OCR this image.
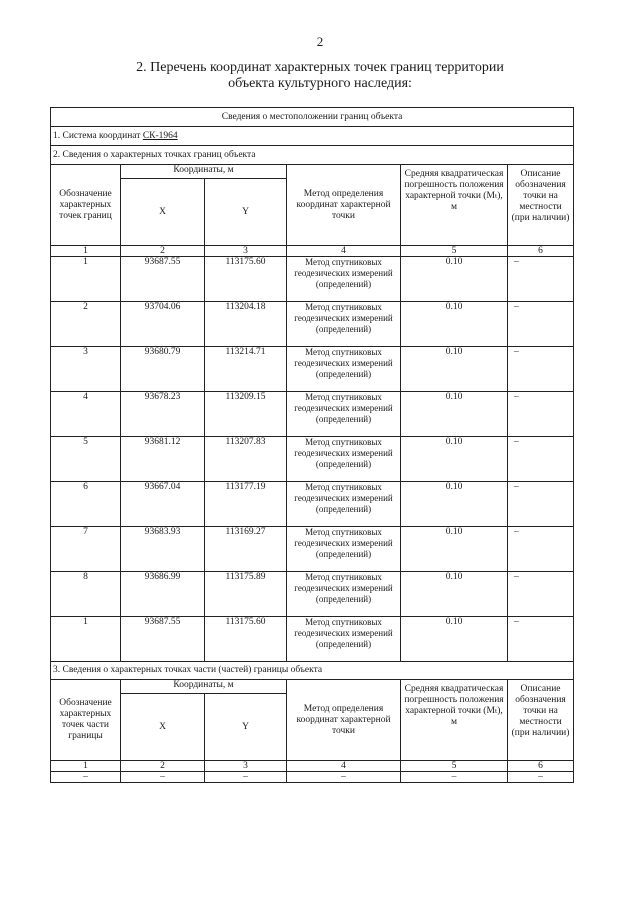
2
2. Перечень координат характерных точек границ территории
объекта культурного наследия:
Сведения о местоположении границ объекта					
1. Система координат СК-1964					
2. Сведения о характерных точках границ объекта					
Обозначение характерных точек границ	Координаты, м		Метод определения координат характерной точки	Средняя квадратическая погрешность положения характерной точки (Mₜ), м	Описание обозначения точки на местности (при наличии)
	X	Y			
1	2	3	4	5	6
1	93687.55	113175.60	Метод спутниковых геодезических измерений (определений)	0.10	–
2	93704.06	113204.18	Метод спутниковых геодезических измерений (определений)	0.10	–
3	93680.79	113214.71	Метод спутниковых геодезических измерений (определений)	0.10	–
4	93678.23	113209.15	Метод спутниковых геодезических измерений (определений)	0.10	–
5	93681.12	113207.83	Метод спутниковых геодезических измерений (определений)	0.10	–
6	93667.04	113177.19	Метод спутниковых геодезических измерений (определений)	0.10	–
7	93683.93	113169.27	Метод спутниковых геодезических измерений (определений)	0.10	–
8	93686.99	113175.89	Метод спутниковых геодезических измерений (определений)	0.10	–
1	93687.55	113175.60	Метод спутниковых геодезических измерений (определений)	0.10	–
3. Сведения о характерных точках части (частей) границы объекта					
Обозначение характерных точек части границы	Координаты, м		Метод определения координат характерной точки	Средняя квадратическая погрешность положения характерной точки (Mₜ), м	Описание обозначения точки на местности (при наличии)
	X	Y			
1	2	3	4	5	6
–	–	–	–	–	–
